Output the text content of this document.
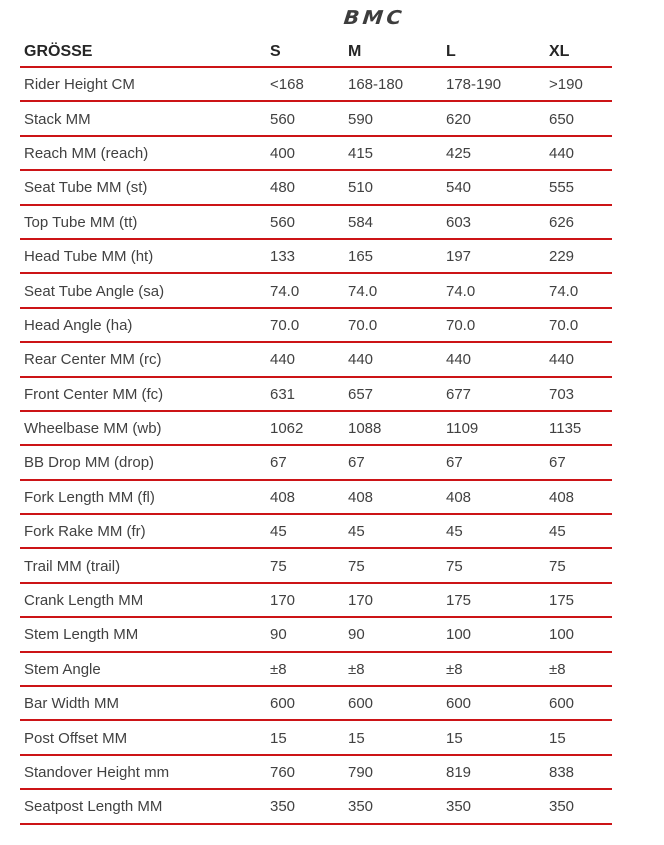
BMC
GRÖSSE	S	M	L	XL
Rider Height CM	<168	168-180	178-190	>190
Stack MM	560	590	620	650
Reach MM (reach)	400	415	425	440
Seat Tube MM (st)	480	510	540	555
Top Tube MM (tt)	560	584	603	626
Head Tube MM (ht)	133	165	197	229
Seat Tube Angle (sa)	74.0	74.0	74.0	74.0
Head Angle (ha)	70.0	70.0	70.0	70.0
Rear Center MM (rc)	440	440	440	440
Front Center MM (fc)	631	657	677	703
Wheelbase MM (wb)	1062	1088	1109	1135
BB Drop MM (drop)	67	67	67	67
Fork Length MM (fl)	408	408	408	408
Fork Rake MM (fr)	45	45	45	45
Trail MM (trail)	75	75	75	75
Crank Length MM	170	170	175	175
Stem Length MM	90	90	100	100
Stem Angle	±8	±8	±8	±8
Bar Width MM	600	600	600	600
Post Offset MM	15	15	15	15
Standover Height mm	760	790	819	838
Seatpost Length MM	350	350	350	350
